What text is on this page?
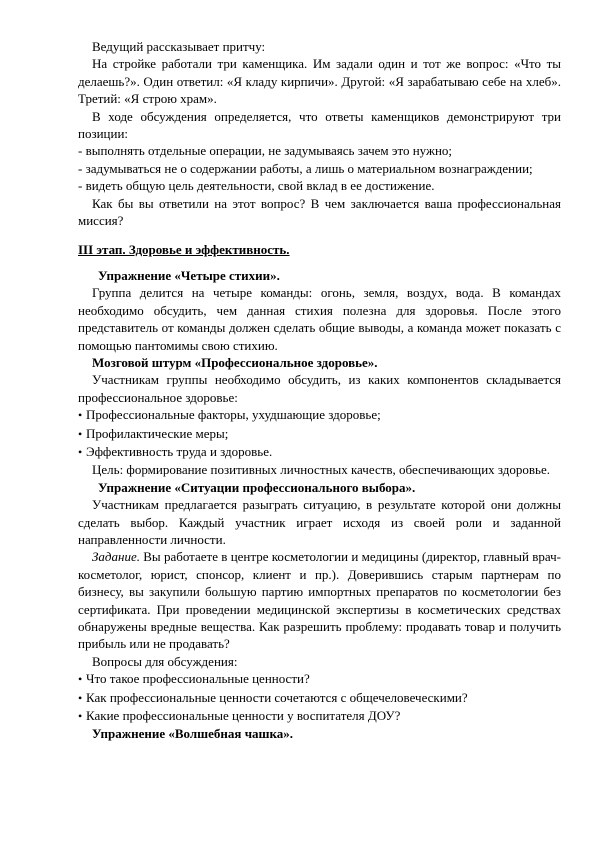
Ведущий рассказывает притчу:

На стройке работали три каменщика. Им задали один и тот же вопрос: «Что ты делаешь?». Один ответил: «Я кладу кирпичи». Другой: «Я зарабатываю себе на хлеб». Третий: «Я строю храм».

В ходе обсуждения определяется, что ответы каменщиков демонстрируют три позиции:

- выполнять отдельные операции, не задумываясь зачем это нужно;

- задумываться не о содержании работы, а лишь о материальном вознаграждении;

- видеть общую цель деятельности, свой вклад в ее достижение.

Как бы вы ответили на этот вопрос? В чем заключается ваша профессиональная миссия?

III этап. Здоровье и эффективность.

Упражнение «Четыре стихии».

Группа делится на четыре команды: огонь, земля, воздух, вода. В командах необходимо обсудить, чем данная стихия полезна для здоровья. После этого представитель от команды должен сделать общие выводы, а команда может показать с помощью пантомимы свою стихию.

Мозговой штурм «Профессиональное здоровье».

Участникам группы необходимо обсудить, из каких компонентов складывается профессиональное здоровье:

• Профессиональные факторы, ухудшающие здоровье;

• Профилактические меры;

• Эффективность труда и здоровье.

Цель: формирование позитивных личностных качеств, обеспечивающих здоровье.

Упражнение «Ситуации профессионального выбора».

Участникам предлагается разыграть ситуацию, в результате которой они должны сделать выбор. Каждый участник играет исходя из своей роли и заданной направленности личности.

Задание. Вы работаете в центре косметологии и медицины (директор, главный врач-косметолог, юрист, спонсор, клиент и пр.). Доверившись старым партнерам по бизнесу, вы закупили большую партию импортных препаратов по косметологии без сертификата. При проведении медицинской экспертизы в косметических средствах обнаружены вредные вещества. Как разрешить проблему: продавать товар и получить прибыль или не продавать?

Вопросы для обсуждения:

• Что такое профессиональные ценности?

• Как профессиональные ценности сочетаются с общечеловеческими?

• Какие профессиональные ценности у воспитателя ДОУ?

Упражнение «Волшебная чашка».
